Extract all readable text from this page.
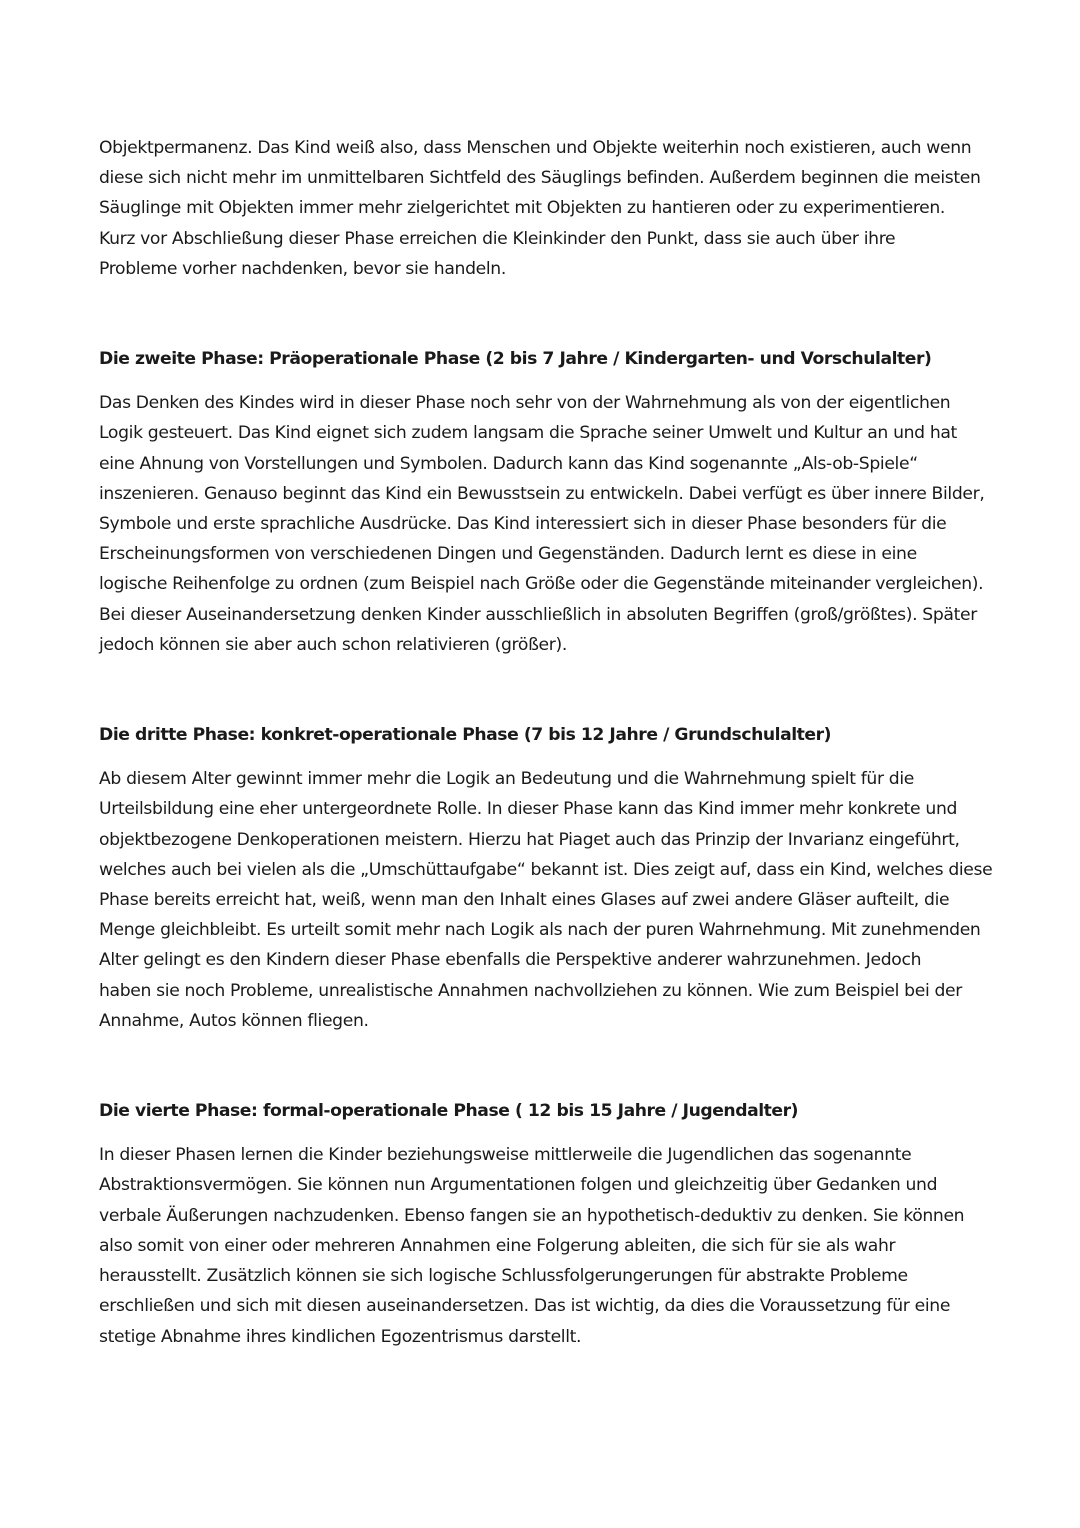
Objektpermanenz. Das Kind weiß also, dass Menschen und Objekte weiterhin noch existieren, auch wenn
diese sich nicht mehr im unmittelbaren Sichtfeld des Säuglings befinden. Außerdem beginnen die meisten
Säuglinge mit Objekten immer mehr zielgerichtet mit Objekten zu hantieren oder zu experimentieren.
Kurz vor Abschließung dieser Phase erreichen die Kleinkinder den Punkt, dass sie auch über ihre
Probleme vorher nachdenken, bevor sie handeln.

Die zweite Phase: Präoperationale Phase (2 bis 7 Jahre / Kindergarten- und Vorschulalter)

Das Denken des Kindes wird in dieser Phase noch sehr von der Wahrnehmung als von der eigentlichen
Logik gesteuert. Das Kind eignet sich zudem langsam die Sprache seiner Umwelt und Kultur an und hat
eine Ahnung von Vorstellungen und Symbolen. Dadurch kann das Kind sogenannte „Als-ob-Spiele“
inszenieren. Genauso beginnt das Kind ein Bewusstsein zu entwickeln. Dabei verfügt es über innere Bilder,
Symbole und erste sprachliche Ausdrücke. Das Kind interessiert sich in dieser Phase besonders für die
Erscheinungsformen von verschiedenen Dingen und Gegenständen. Dadurch lernt es diese in eine
logische Reihenfolge zu ordnen (zum Beispiel nach Größe oder die Gegenstände miteinander vergleichen).
Bei dieser Auseinandersetzung denken Kinder ausschließlich in absoluten Begriffen (groß/größtes). Später
jedoch können sie aber auch schon relativieren (größer).

Die dritte Phase: konkret-operationale Phase (7 bis 12 Jahre / Grundschulalter)

Ab diesem Alter gewinnt immer mehr die Logik an Bedeutung und die Wahrnehmung spielt für die
Urteilsbildung eine eher untergeordnete Rolle. In dieser Phase kann das Kind immer mehr konkrete und
objektbezogene Denkoperationen meistern. Hierzu hat Piaget auch das Prinzip der Invarianz eingeführt,
welches auch bei vielen als die „Umschüttaufgabe“ bekannt ist. Dies zeigt auf, dass ein Kind, welches diese
Phase bereits erreicht hat, weiß, wenn man den Inhalt eines Glases auf zwei andere Gläser aufteilt, die
Menge gleichbleibt. Es urteilt somit mehr nach Logik als nach der puren Wahrnehmung. Mit zunehmenden
Alter gelingt es den Kindern dieser Phase ebenfalls die Perspektive anderer wahrzunehmen. Jedoch
haben sie noch Probleme, unrealistische Annahmen nachvollziehen zu können. Wie zum Beispiel bei der
Annahme, Autos können fliegen.

Die vierte Phase: formal-operationale Phase ( 12 bis 15 Jahre / Jugendalter)

In dieser Phasen lernen die Kinder beziehungsweise mittlerweile die Jugendlichen das sogenannte
Abstraktionsvermögen. Sie können nun Argumentationen folgen und gleichzeitig über Gedanken und
verbale Äußerungen nachzudenken. Ebenso fangen sie an hypothetisch-deduktiv zu denken. Sie können
also somit von einer oder mehreren Annahmen eine Folgerung ableiten, die sich für sie als wahr
herausstellt. Zusätzlich können sie sich logische Schlussfolgerungerungen für abstrakte Probleme
erschließen und sich mit diesen auseinandersetzen. Das ist wichtig, da dies die Voraussetzung für eine
stetige Abnahme ihres kindlichen Egozentrismus darstellt.
